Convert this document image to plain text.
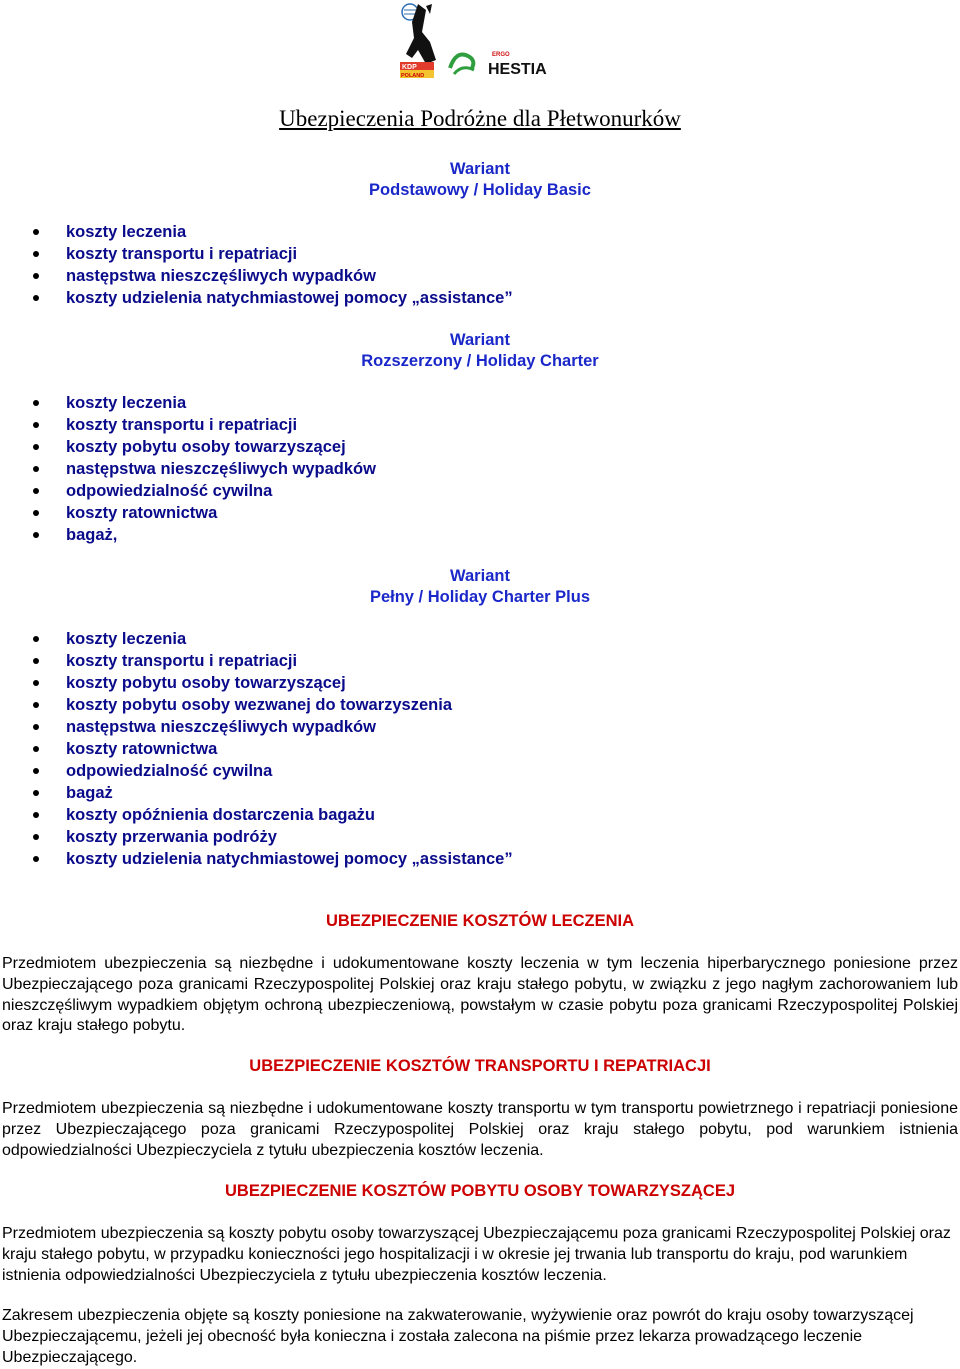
KDP
POLAND
ERGO
HESTIA
Ubezpieczenia Podróżne dla Płetwonurków
Wariant
Podstawowy / Holiday Basic
koszty leczenia
koszty transportu i repatriacji
następstwa nieszczęśliwych wypadków
koszty udzielenia natychmiastowej pomocy „assistance”
Wariant
Rozszerzony / Holiday Charter
koszty leczenia
koszty transportu i repatriacji
koszty pobytu osoby towarzyszącej
następstwa nieszczęśliwych wypadków
odpowiedzialność cywilna
koszty ratownictwa
bagaż,
Wariant
Pełny / Holiday Charter Plus
koszty leczenia
koszty transportu i repatriacji
koszty pobytu osoby towarzyszącej
koszty pobytu osoby wezwanej do towarzyszenia
następstwa nieszczęśliwych wypadków
koszty ratownictwa
odpowiedzialność cywilna
bagaż
koszty opóźnienia dostarczenia bagażu
koszty przerwania podróży
koszty udzielenia natychmiastowej pomocy „assistance”
UBEZPIECZENIE KOSZTÓW LECZENIA

Przedmiotem ubezpieczenia są niezbędne i udokumentowane koszty leczenia w tym leczenia hiperbarycznego poniesione przez Ubezpieczającego poza granicami Rzeczypospolitej Polskiej oraz kraju stałego pobytu, w związku z jego nagłym zachorowaniem lub nieszczęśliwym wypadkiem objętym ochroną ubezpieczeniową, powstałym w czasie pobytu poza granicami Rzeczypospolitej Polskiej oraz kraju stałego pobytu.

UBEZPIECZENIE KOSZTÓW TRANSPORTU I REPATRIACJI

Przedmiotem ubezpieczenia są niezbędne i udokumentowane koszty transportu w tym transportu powietrznego i repatriacji poniesione przez Ubezpieczającego poza granicami Rzeczypospolitej Polskiej oraz kraju stałego pobytu, pod warunkiem istnienia odpowiedzialności Ubezpieczyciela z tytułu ubezpieczenia kosztów leczenia.

UBEZPIECZENIE KOSZTÓW POBYTU OSOBY TOWARZYSZĄCEJ

Przedmiotem ubezpieczenia są koszty pobytu osoby towarzyszącej Ubezpieczającemu poza granicami Rzeczypospolitej Polskiej oraz kraju stałego pobytu, w przypadku konieczności jego hospitalizacji i w okresie jej trwania lub transportu do kraju, pod warunkiem istnienia odpowiedzialności Ubezpieczyciela z tytułu ubezpieczenia kosztów leczenia.

Zakresem ubezpieczenia objęte są koszty poniesione na zakwaterowanie, wyżywienie oraz powrót do kraju osoby towarzyszącej Ubezpieczającemu, jeżeli jej obecność była konieczna i została zalecona na piśmie przez lekarza prowadzącego leczenie Ubezpieczającego.
